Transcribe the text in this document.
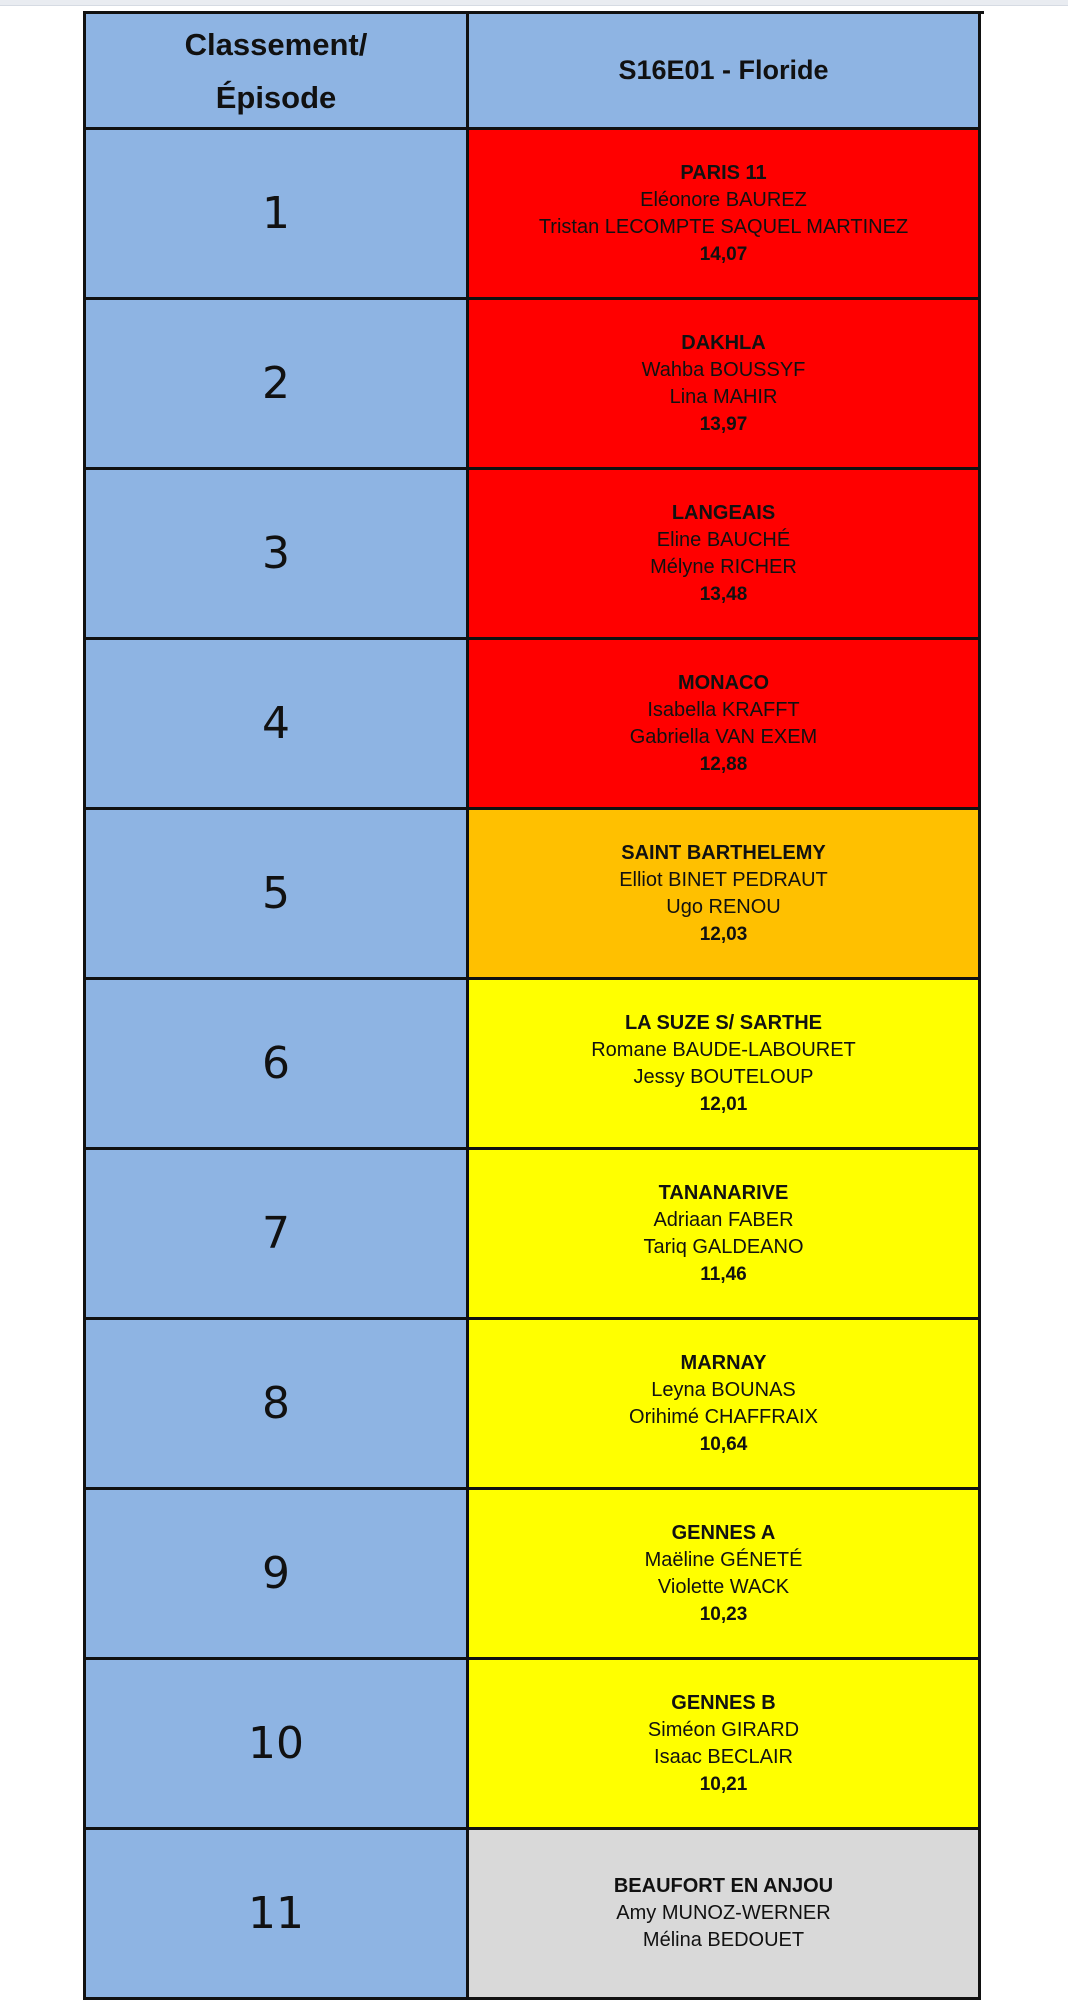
Classement/
Épisode
S16E01 - Floride
1
PARIS 11
Eléonore BAUREZ
Tristan LECOMPTE SAQUEL MARTINEZ
14,07
2
DAKHLA
Wahba BOUSSYF
Lina MAHIR
13,97
3
LANGEAIS
Eline BAUCHÉ
Mélyne RICHER
13,48
4
MONACO
Isabella KRAFFT
Gabriella VAN EXEM
12,88
5
SAINT BARTHELEMY
Elliot BINET PEDRAUT
Ugo RENOU
12,03
6
LA SUZE S/ SARTHE
Romane BAUDE-LABOURET
Jessy BOUTELOUP
12,01
7
TANANARIVE
Adriaan FABER
Tariq GALDEANO
11,46
8
MARNAY
Leyna BOUNAS
Orihimé CHAFFRAIX
10,64
9
GENNES A
Maëline GÉNETÉ
Violette WACK
10,23
10
GENNES B
Siméon GIRARD
Isaac BECLAIR
10,21
11
BEAUFORT EN ANJOU
Amy MUNOZ-WERNER
Mélina BEDOUET
